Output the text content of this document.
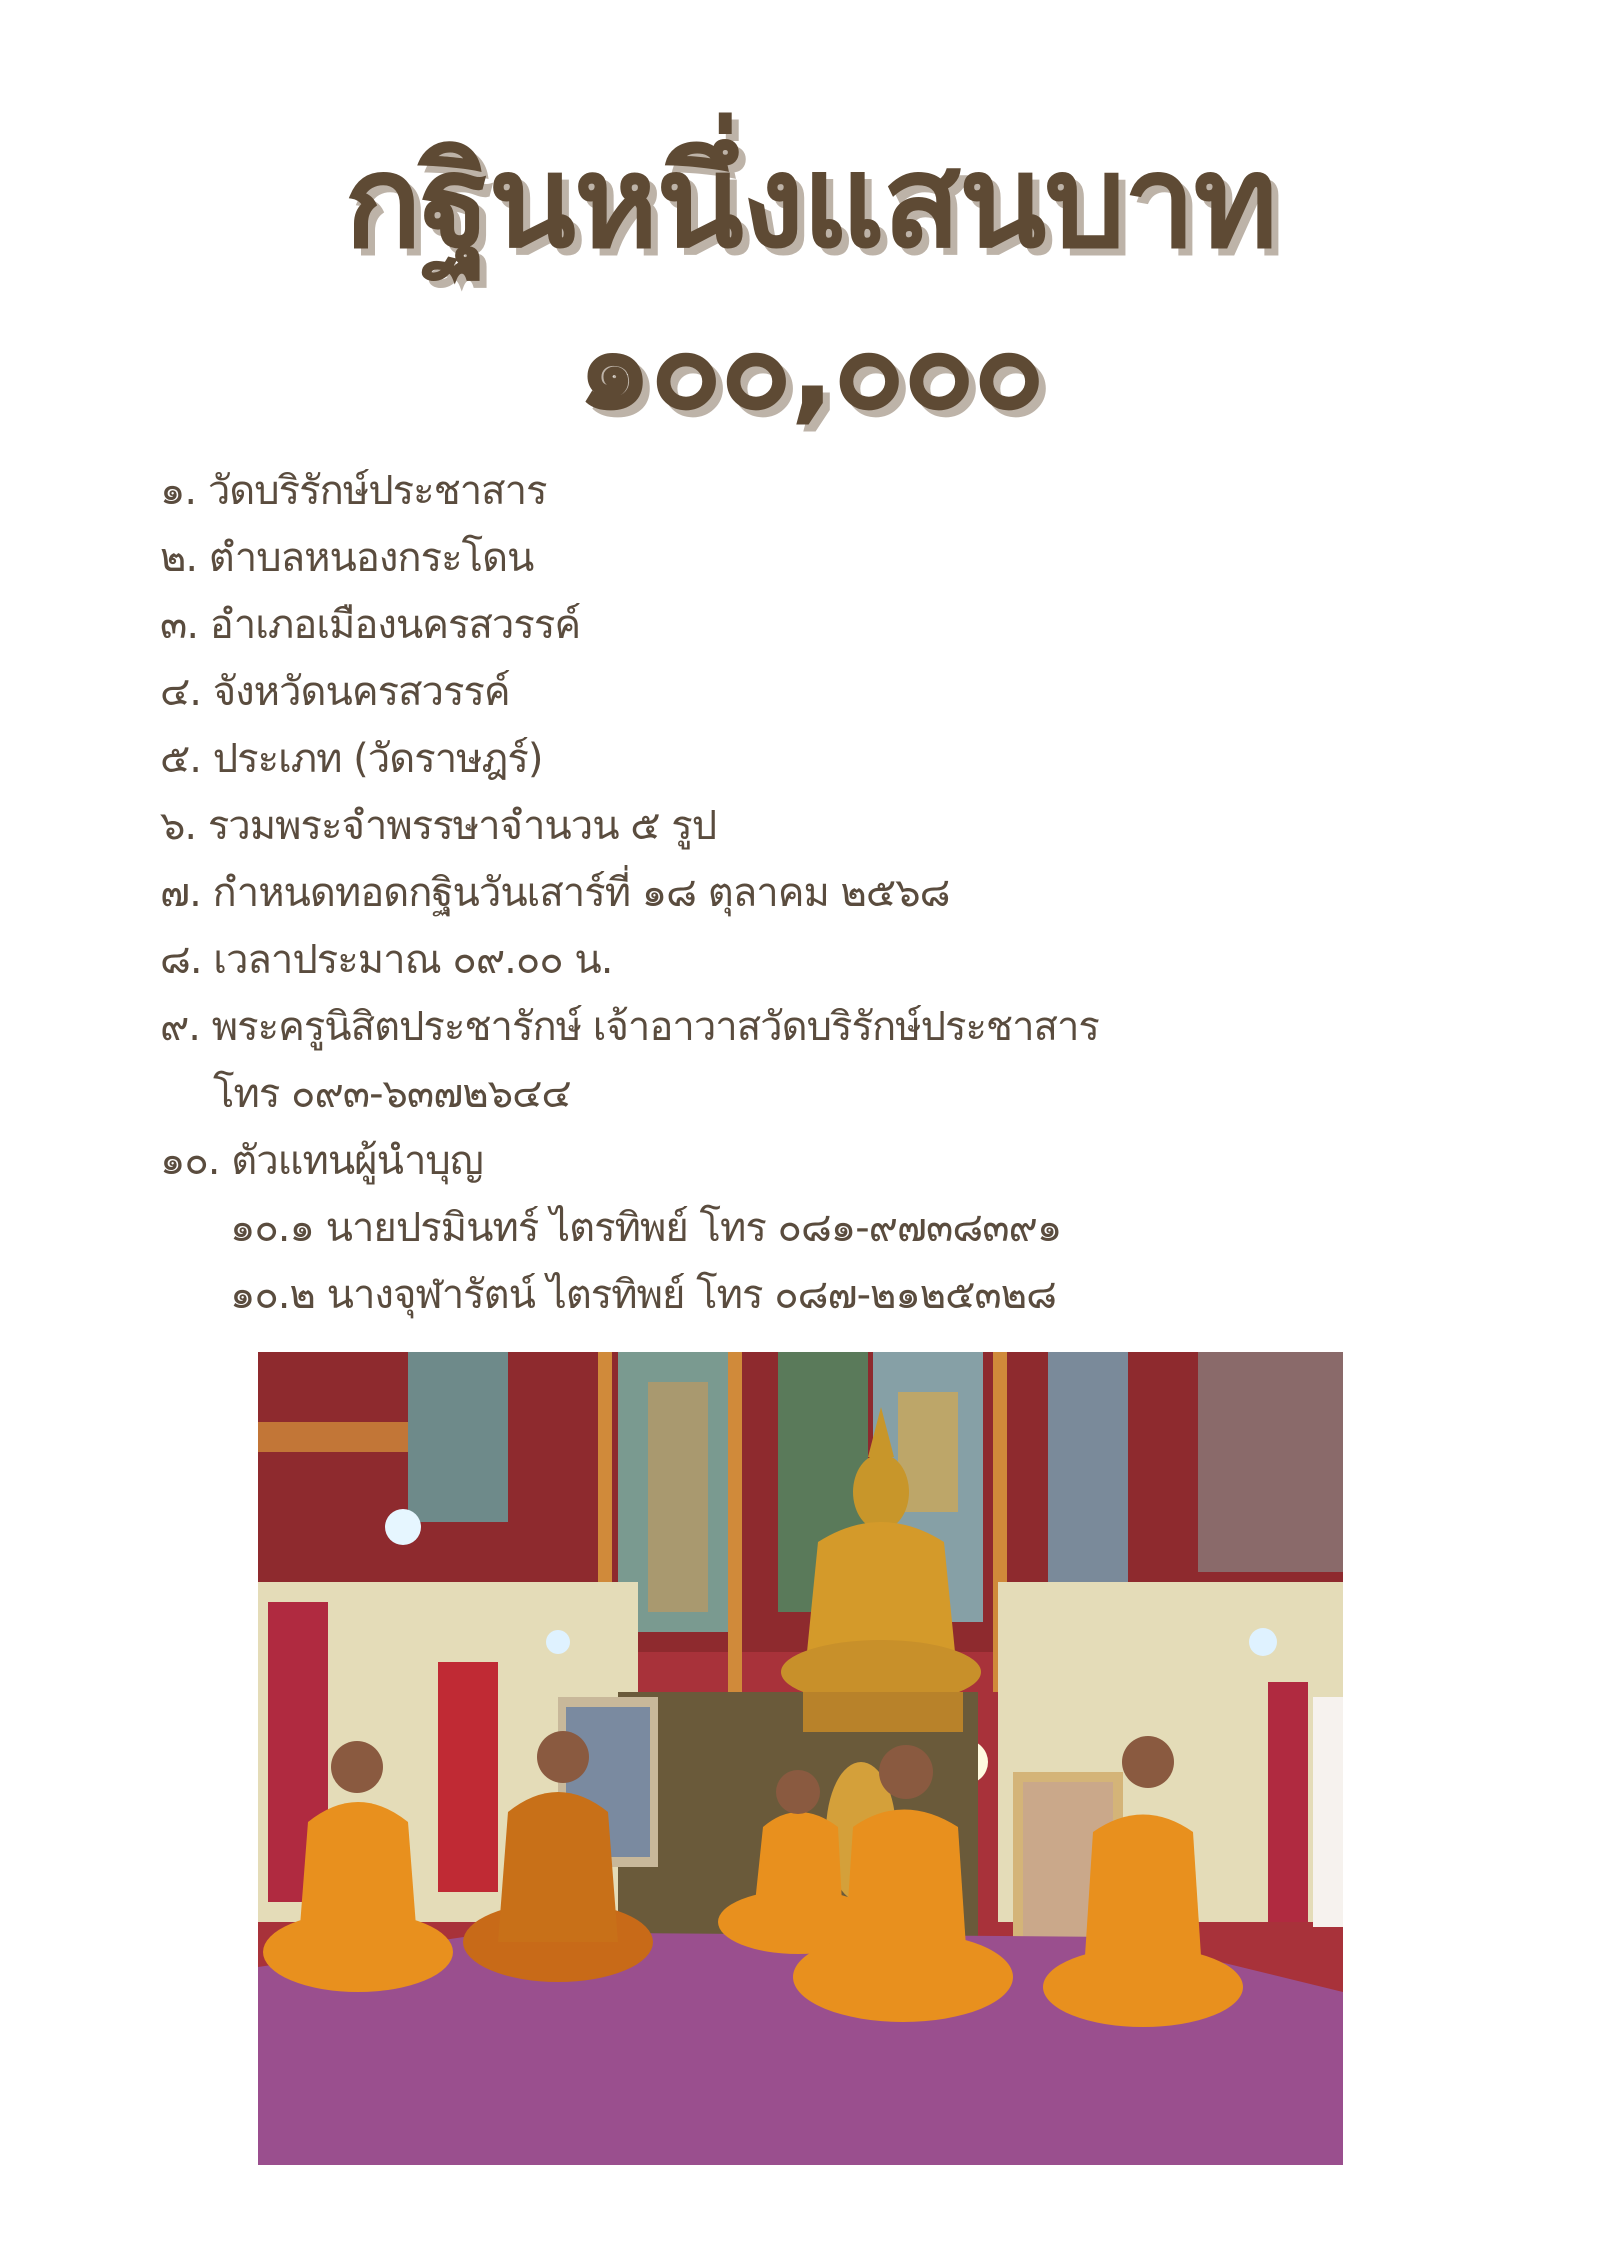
กฐินหนึ่งแสนบาท
๑๐๐,๐๐๐
๑. วัดบริรักษ์ประชาสาร
๒. ตำบลหนองกระโดน
๓. อำเภอเมืองนครสวรรค์
๔. จังหวัดนครสวรรค์
๕. ประเภท (วัดราษฎร์)
๖. รวมพระจำพรรษาจำนวน ๕ รูป
๗. กำหนดทอดกฐินวันเสาร์ที่ ๑๘ ตุลาคม ๒๕๖๘
๘. เวลาประมาณ ๐๙.๐๐ น.
๙. พระครูนิสิตประชารักษ์ เจ้าอาวาสวัดบริรักษ์ประชาสาร
โทร ๐๙๓-๖๓๗๒๖๔๔
๑๐. ตัวแทนผู้นำบุญ
๑๐.๑ นายปรมินทร์ ไตรทิพย์ โทร ๐๘๑-๙๗๓๘๓๙๑
๑๐.๒ นางจุฬารัตน์ ไตรทิพย์ โทร ๐๘๗-๒๑๒๕๓๒๘
